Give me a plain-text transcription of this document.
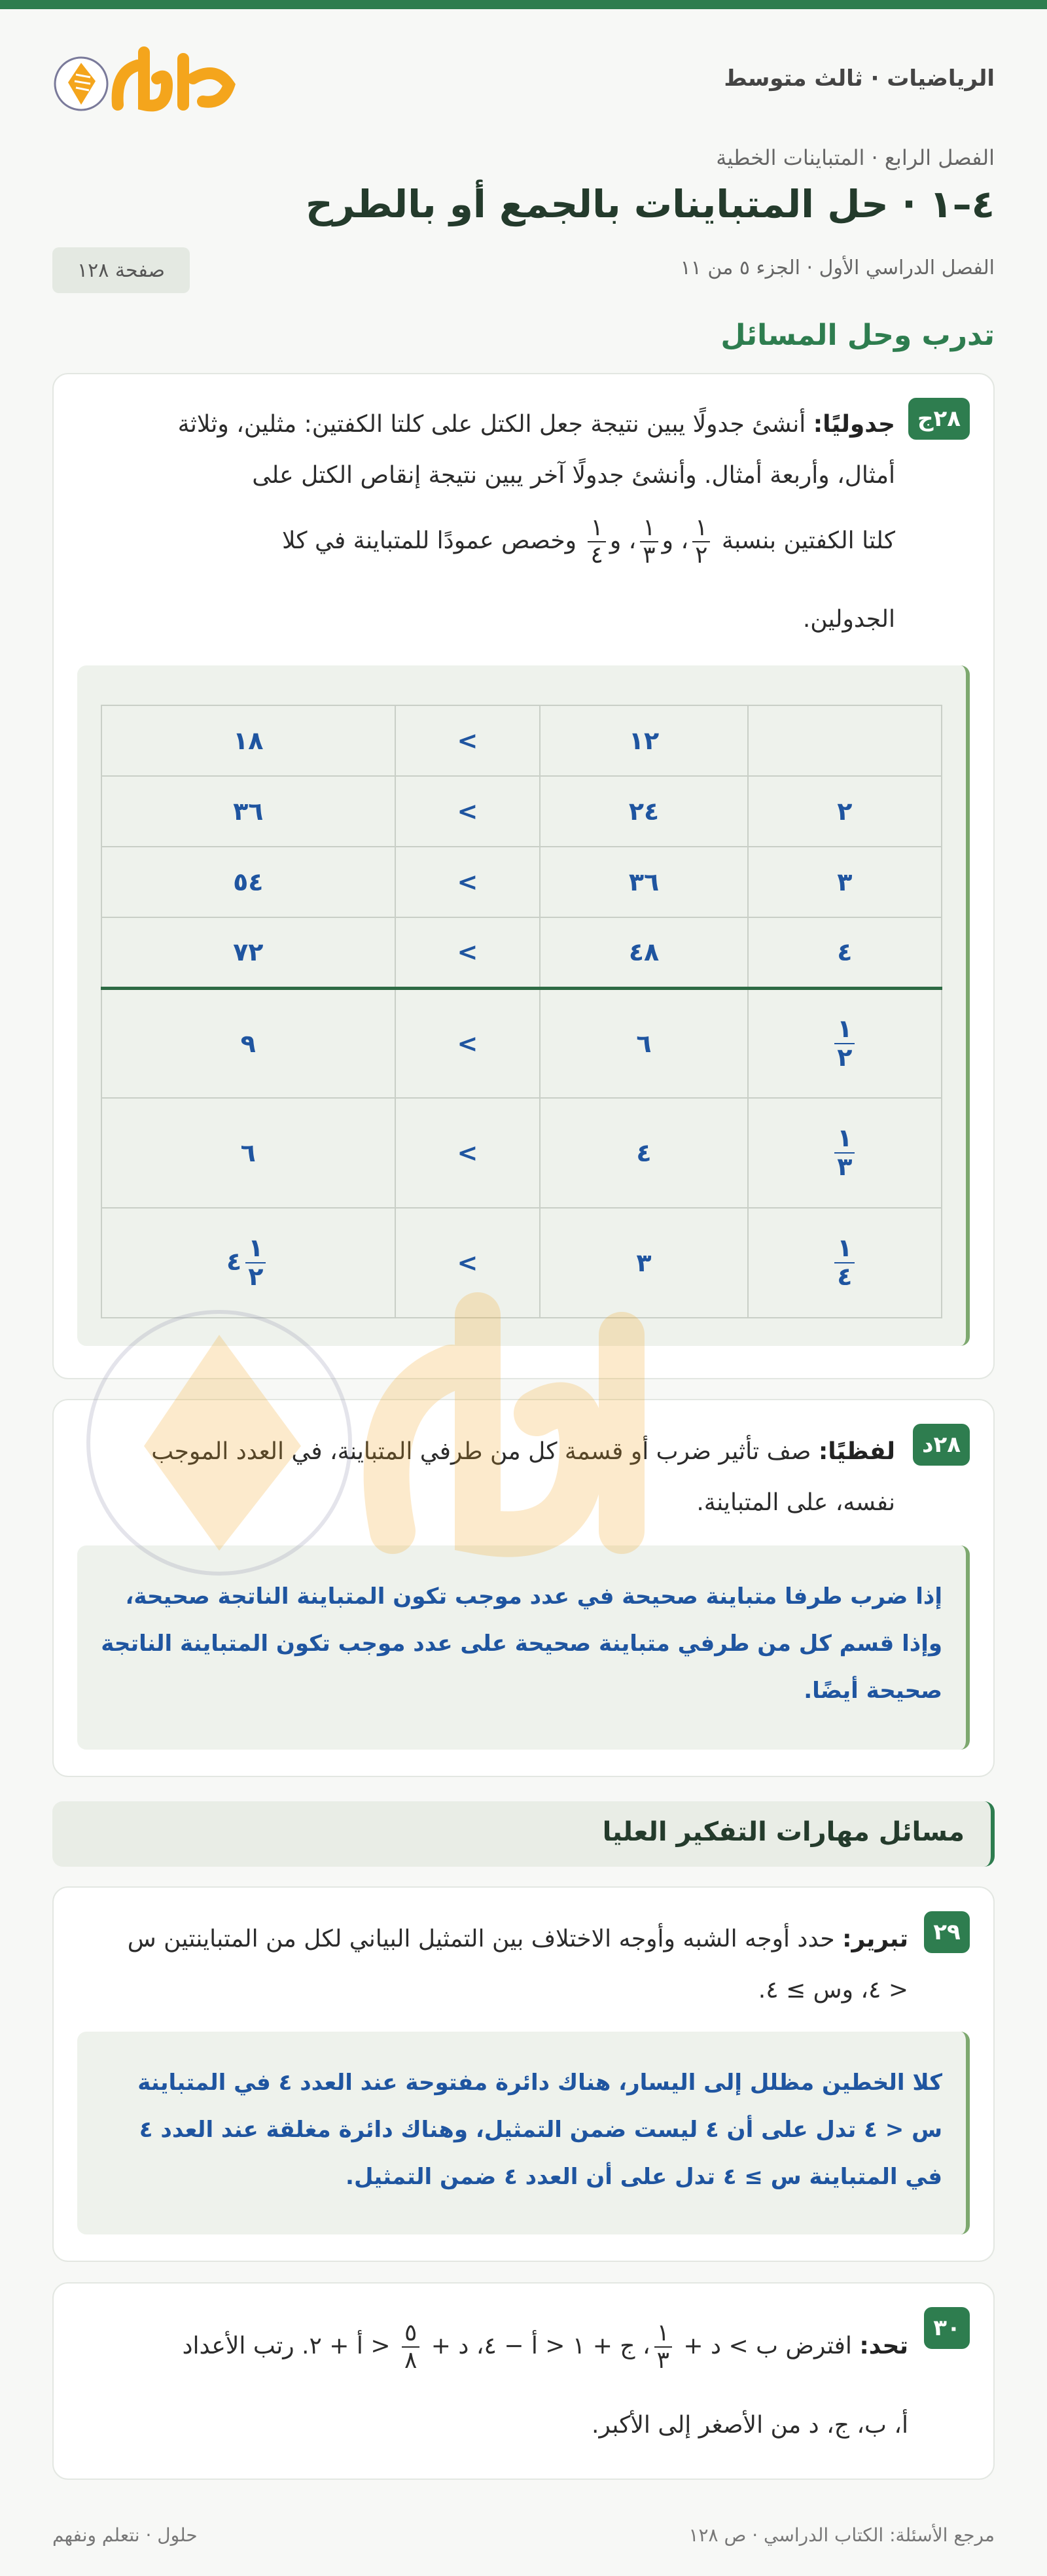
الرياضيات · ثالث متوسط
الفصل الرابع · المتباينات الخطية
٤–١ · حل المتباينات بالجمع أو بالطرح
الفصل الدراسي الأول · الجزء ٥ من ١١
صفحة ١٢٨
تدرب وحل المسائل
٢٨ج
جدوليًا: أنشئ جدولًا يبين نتيجة جعل الكتل على كلتا الكفتين: مثلين، وثلاثة أمثال، وأربعة أمثال. وأنشئ جدولًا آخر يبين نتيجة إنقاص الكتل على
كلتا الكفتين بنسبة
$\frac{١}{٢}$
، و
$\frac{١}{٣}$
، و
$\frac{١}{٤}$
وخصص عمودًا للمتباينة في كلا
الجدولين.
	١٢	>	١٨
٢	٢٤	>	٣٦
٣	٣٦	>	٥٤
٤	٤٨	>	٧٢

$\frac{١}{٢}$	٦	>	٩

$\frac{١}{٣}$	٤	>	٦

$\frac{١}{٤}$	٣	>	٤ $\frac{١}{٢}$
٢٨د
لفظيًا: صف تأثير ضرب أو قسمة كل من طرفي المتباينة، في العدد الموجب نفسه، على المتباينة.
إذا ضرب طرفا متباينة صحيحة في عدد موجب تكون المتباينة الناتجة صحيحة، وإذا قسم كل من طرفي متباينة صحيحة على عدد موجب تكون المتباينة الناتجة صحيحة أيضًا.
مسائل مهارات التفكير العليا
٢٩
تبرير: حدد أوجه الشبه وأوجه الاختلاف بين التمثيل البياني لكل من المتباينتين س < ٤، وس ≥ ٤.
كلا الخطين مظلل إلى اليسار، هناك دائرة مفتوحة عند العدد ٤ في المتباينة س < ٤ تدل على أن ٤ ليست ضمن التمثيل، وهناك دائرة مغلقة عند العدد ٤ في المتباينة س ≥ ٤ تدل على أن العدد ٤ ضمن التمثيل.
٣٠
تحد: افترض ب > د +
$\frac{١}{٣}$
، ج + ١ < أ − ٤، د +
$\frac{٥}{٨}$
< أ + ٢. رتب الأعداد
أ، ب، ج، د من الأصغر إلى الأكبر.
مرجع الأسئلة: الكتاب الدراسي · ص ١٢٨
حلول · نتعلم ونفهم
